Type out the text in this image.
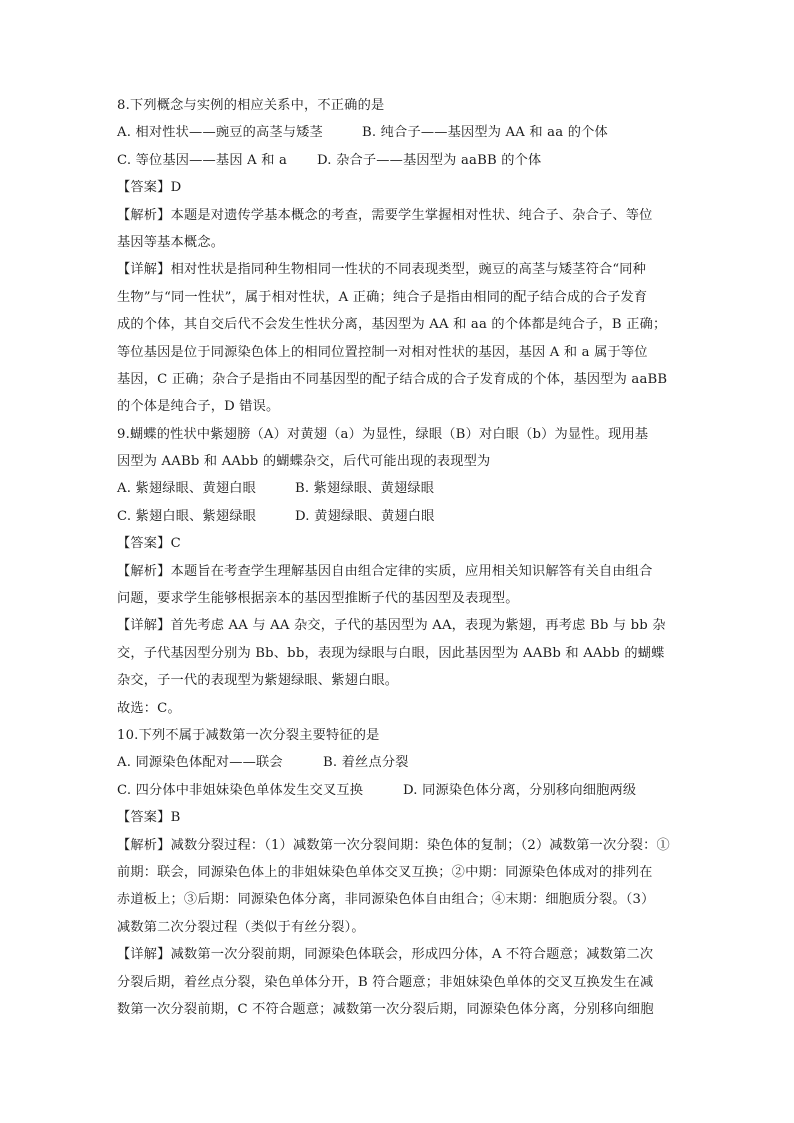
8.下列概念与实例的相应关系中，不正确的是
A. 相对性状——豌豆的高茎与矮茎	B. 纯合子——基因型为 AA 和 aa 的个体
C. 等位基因——基因 A 和 a	D. 杂合子——基因型为 aaBB 的个体
【答案】D
【解析】本题是对遗传学基本概念的考查，需要学生掌握相对性状、纯合子、杂合子、等位
基因等基本概念。
【详解】相对性状是指同种生物相同一性状的不同表现类型，豌豆的高茎与矮茎符合“同种
生物”与“同一性状”，属于相对性状，A 正确；纯合子是指由相同的配子结合成的合子发育
成的个体，其自交后代不会发生性状分离，基因型为 AA 和 aa 的个体都是纯合子，B 正确；
等位基因是位于同源染色体上的相同位置控制一对相对性状的基因，基因 A 和 a 属于等位
基因，C 正确；杂合子是指由不同基因型的配子结合成的合子发育成的个体，基因型为 aaBB
的个体是纯合子，D 错误。
9.蝴蝶的性状中紫翅膀（A）对黄翅（a）为显性，绿眼（B）对白眼（b）为显性。现用基
因型为 AABb 和 AAbb 的蝴蝶杂交，后代可能出现的表现型为
A. 紫翅绿眼、黄翅白眼	B. 紫翅绿眼、黄翅绿眼
C. 紫翅白眼、紫翅绿眼	D. 黄翅绿眼、黄翅白眼
【答案】C
【解析】本题旨在考查学生理解基因自由组合定律的实质，应用相关知识解答有关自由组合
问题，要求学生能够根据亲本的基因型推断子代的基因型及表现型。
【详解】首先考虑 AA 与 AA 杂交，子代的基因型为 AA，表现为紫翅，再考虑 Bb 与 bb 杂
交，子代基因型分别为 Bb、bb，表现为绿眼与白眼，因此基因型为 AABb 和 AAbb 的蝴蝶
杂交，子一代的表现型为紫翅绿眼、紫翅白眼。
故选：C。
10.下列不属于减数第一次分裂主要特征的是
A. 同源染色体配对——联会	B. 着丝点分裂
C. 四分体中非姐妹染色单体发生交叉互换	D. 同源染色体分离，分别移向细胞两级
【答案】B
【解析】减数分裂过程：（1）减数第一次分裂间期：染色体的复制；（2）减数第一次分裂：①
前期：联会，同源染色体上的非姐妹染色单体交叉互换；②中期：同源染色体成对的排列在
赤道板上；③后期：同源染色体分离，非同源染色体自由组合；④末期：细胞质分裂。（3）
减数第二次分裂过程（类似于有丝分裂）。
【详解】减数第一次分裂前期，同源染色体联会，形成四分体，A 不符合题意；减数第二次
分裂后期，着丝点分裂，染色单体分开，B 符合题意；非姐妹染色单体的交叉互换发生在减
数第一次分裂前期，C 不符合题意；减数第一次分裂后期，同源染色体分离，分别移向细胞
